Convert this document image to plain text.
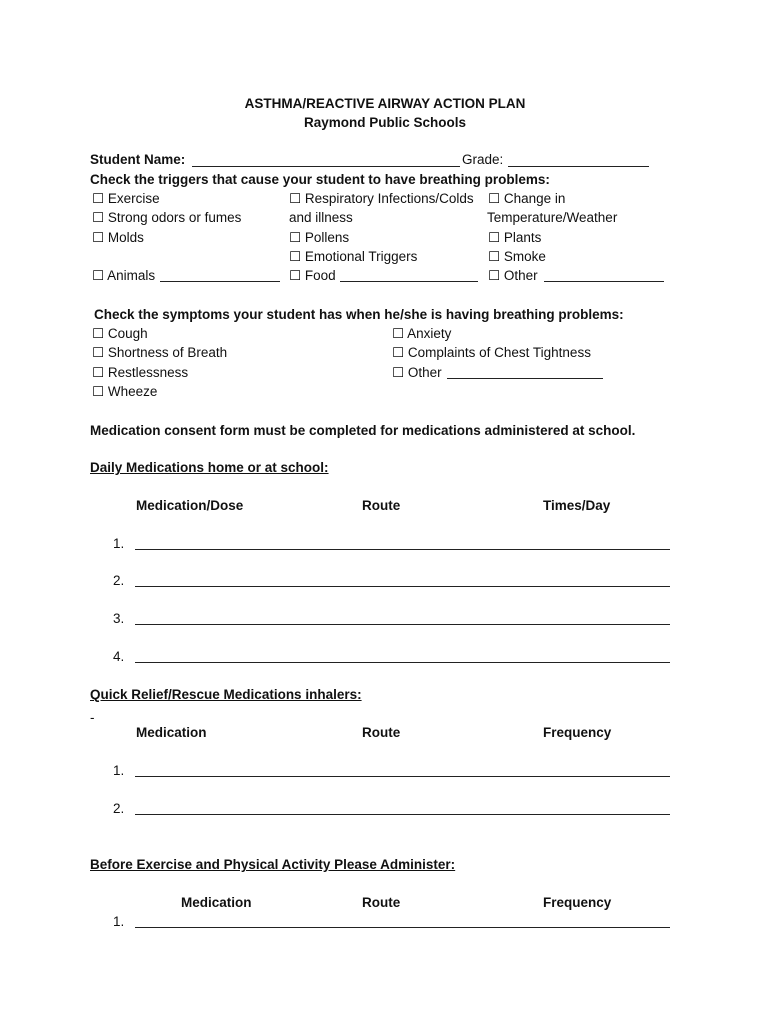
ASTHMA/REACTIVE AIRWAY ACTION PLAN
Raymond Public Schools
Student Name:	Grade:
Check the triggers that cause your student to have breathing problems:
☐ Exercise
☐ Strong odors or fumes
☐ Molds
☐ Animals
☐ Respiratory Infections/Colds
and illness
☐ Pollens
☐ Emotional Triggers
☐ Food
☐ Change in
Temperature/Weather
☐ Plants
☐ Smoke
☐ Other
Check the symptoms your student has when he/she is having breathing problems:
☐ Cough
☐ Shortness of Breath
☐ Restlessness
☐ Wheeze
☐ Anxiety
☐ Complaints of Chest Tightness
☐ Other
Medication consent form must be completed for medications administered at school.
Daily Medications home or at school:
Medication/Dose	Route	Times/Day
1.
2.
3.
4.
Quick Relief/Rescue Medications inhalers:
-
Medication	Route	Frequency
1.
2.
Before Exercise and Physical Activity Please Administer:
Medication	Route	Frequency
1.
